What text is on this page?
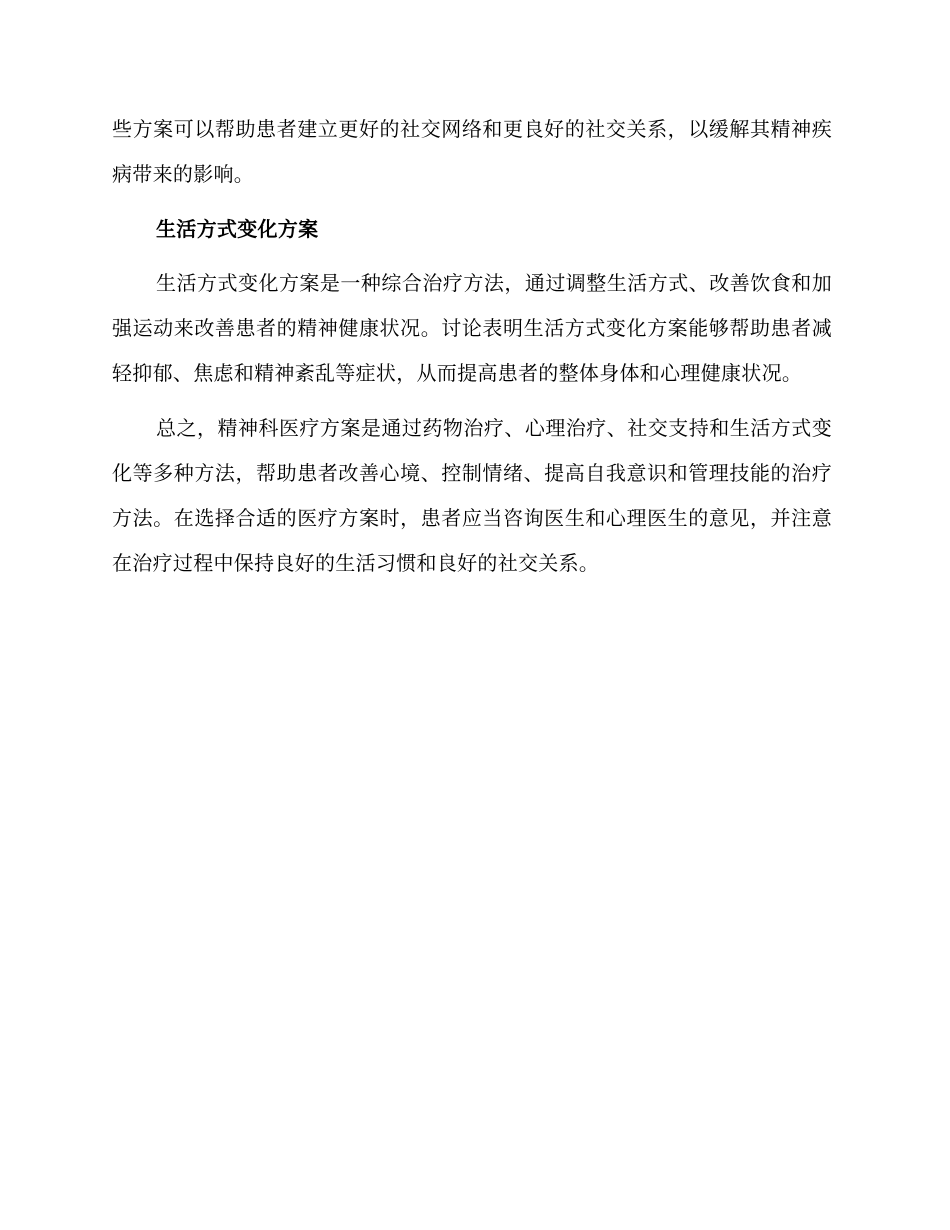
些方案可以帮助患者建立更好的社交网络和更良好的社交关系，以缓解其精神疾病带来的影响。

生活方式变化方案

生活方式变化方案是一种综合治疗方法，通过调整生活方式、改善饮食和加强运动来改善患者的精神健康状况。讨论表明生活方式变化方案能够帮助患者减轻抑郁、焦虑和精神紊乱等症状，从而提高患者的整体身体和心理健康状况。

总之，精神科医疗方案是通过药物治疗、心理治疗、社交支持和生活方式变化等多种方法，帮助患者改善心境、控制情绪、提高自我意识和管理技能的治疗方法。在选择合适的医疗方案时，患者应当咨询医生和心理医生的意见，并注意在治疗过程中保持良好的生活习惯和良好的社交关系。
